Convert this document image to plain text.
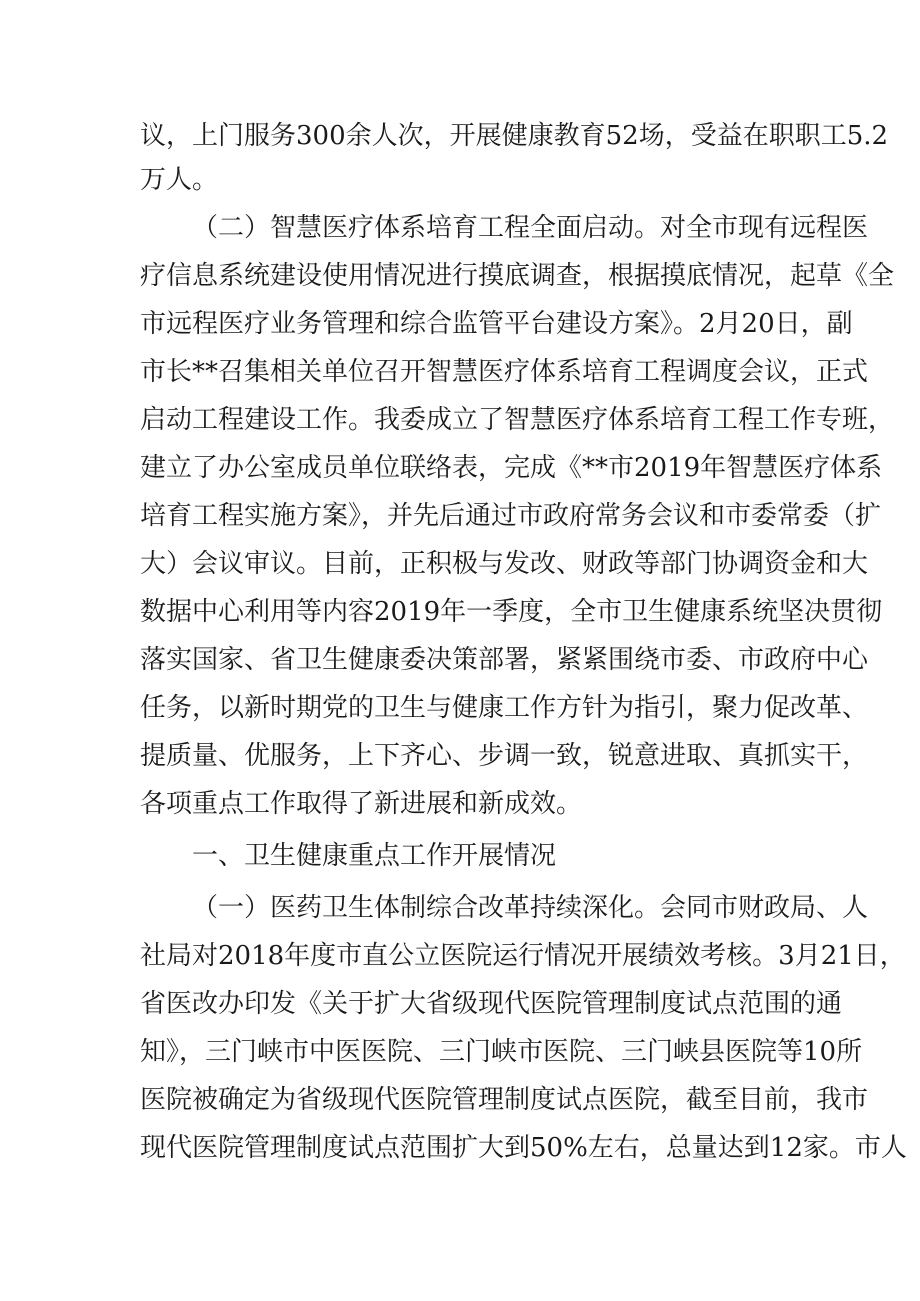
议，上门服务300余人次，开展健康教育52场，受益在职职工5.2
万人。
（二）智慧医疗体系培育工程全面启动。对全市现有远程医
疗信息系统建设使用情况进行摸底调查，根据摸底情况，起草《全
市远程医疗业务管理和综合监管平台建设方案》。2月20日，副
市长**召集相关单位召开智慧医疗体系培育工程调度会议，正式
启动工程建设工作。我委成立了智慧医疗体系培育工程工作专班，
建立了办公室成员单位联络表，完成《**市2019年智慧医疗体系
培育工程实施方案》，并先后通过市政府常务会议和市委常委（扩
大）会议审议。目前，正积极与发改、财政等部门协调资金和大
数据中心利用等内容2019年一季度，全市卫生健康系统坚决贯彻
落实国家、省卫生健康委决策部署，紧紧围绕市委、市政府中心
任务，以新时期党的卫生与健康工作方针为指引，聚力促改革、
提质量、优服务，上下齐心、步调一致，锐意进取、真抓实干，
各项重点工作取得了新进展和新成效。
一、卫生健康重点工作开展情况
（一）医药卫生体制综合改革持续深化。会同市财政局、人
社局对2018年度市直公立医院运行情况开展绩效考核。3月21日，
省医改办印发《关于扩大省级现代医院管理制度试点范围的通
知》，三门峡市中医医院、三门峡市医院、三门峡县医院等10所
医院被确定为省级现代医院管理制度试点医院，截至目前，我市
现代医院管理制度试点范围扩大到50%左右，总量达到12家。市人
